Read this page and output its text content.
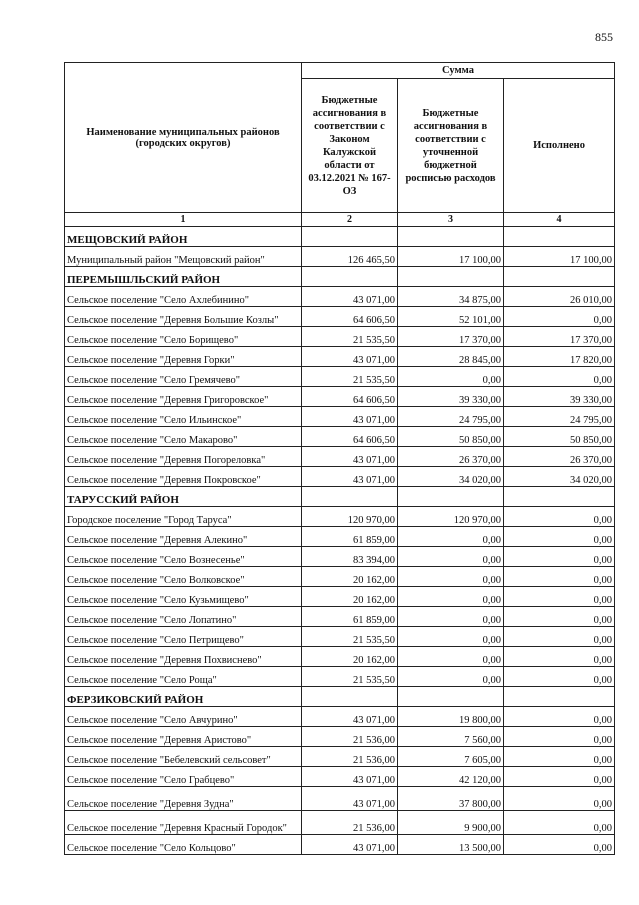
855
Наименование муниципальных районов (городских округов)	Сумма		
	Бюджетные ассигнования в соответствии с Законом Калужской области от 03.12.2021 № 167-ОЗ	Бюджетные ассигнования в соответствии с уточненной бюджетной росписью расходов	Исполнено
1	2	3	4
МЕЩОВСКИЙ РАЙОН			
Муниципальный район "Мещовский район"	126 465,50	17 100,00	17 100,00
ПЕРЕМЫШЛЬСКИЙ РАЙОН			
Сельское поселение "Село Ахлебинино"	43 071,00	34 875,00	26 010,00
Сельское поселение "Деревня Большие Козлы"	64 606,50	52 101,00	0,00
Сельское поселение "Село Борищево"	21 535,50	17 370,00	17 370,00
Сельское поселение "Деревня Горки"	43 071,00	28 845,00	17 820,00
Сельское поселение "Село Гремячево"	21 535,50	0,00	0,00
Сельское поселение "Деревня Григоровское"	64 606,50	39 330,00	39 330,00
Сельское поселение "Село Ильинское"	43 071,00	24 795,00	24 795,00
Сельское поселение "Село Макарово"	64 606,50	50 850,00	50 850,00
Сельское поселение "Деревня Погореловка"	43 071,00	26 370,00	26 370,00
Сельское поселение "Деревня Покровское"	43 071,00	34 020,00	34 020,00
ТАРУССКИЙ РАЙОН			
Городское поселение "Город Таруса"	120 970,00	120 970,00	0,00
Сельское поселение "Деревня Алекино"	61 859,00	0,00	0,00
Сельское поселение "Село Вознесенье"	83 394,00	0,00	0,00
Сельское поселение "Село Волковское"	20 162,00	0,00	0,00
Сельское поселение "Село Кузьмищево"	20 162,00	0,00	0,00
Сельское поселение "Село Лопатино"	61 859,00	0,00	0,00
Сельское поселение "Село Петрищево"	21 535,50	0,00	0,00
Сельское поселение "Деревня Похвиснево"	20 162,00	0,00	0,00
Сельское поселение "Село Роща"	21 535,50	0,00	0,00
ФЕРЗИКОВСКИЙ РАЙОН			
Сельское поселение "Село Авчурино"	43 071,00	19 800,00	0,00
Сельское поселение "Деревня Аристово"	21 536,00	7 560,00	0,00
Сельское поселение "Бебелевский сельсовет"	21 536,00	7 605,00	0,00
Сельское поселение "Село Грабцево"	43 071,00	42 120,00	0,00
Сельское поселение "Деревня Зудна"	43 071,00	37 800,00	0,00
Сельское поселение "Деревня Красный Городок"	21 536,00	9 900,00	0,00
Сельское поселение "Село Кольцово"	43 071,00	13 500,00	0,00
